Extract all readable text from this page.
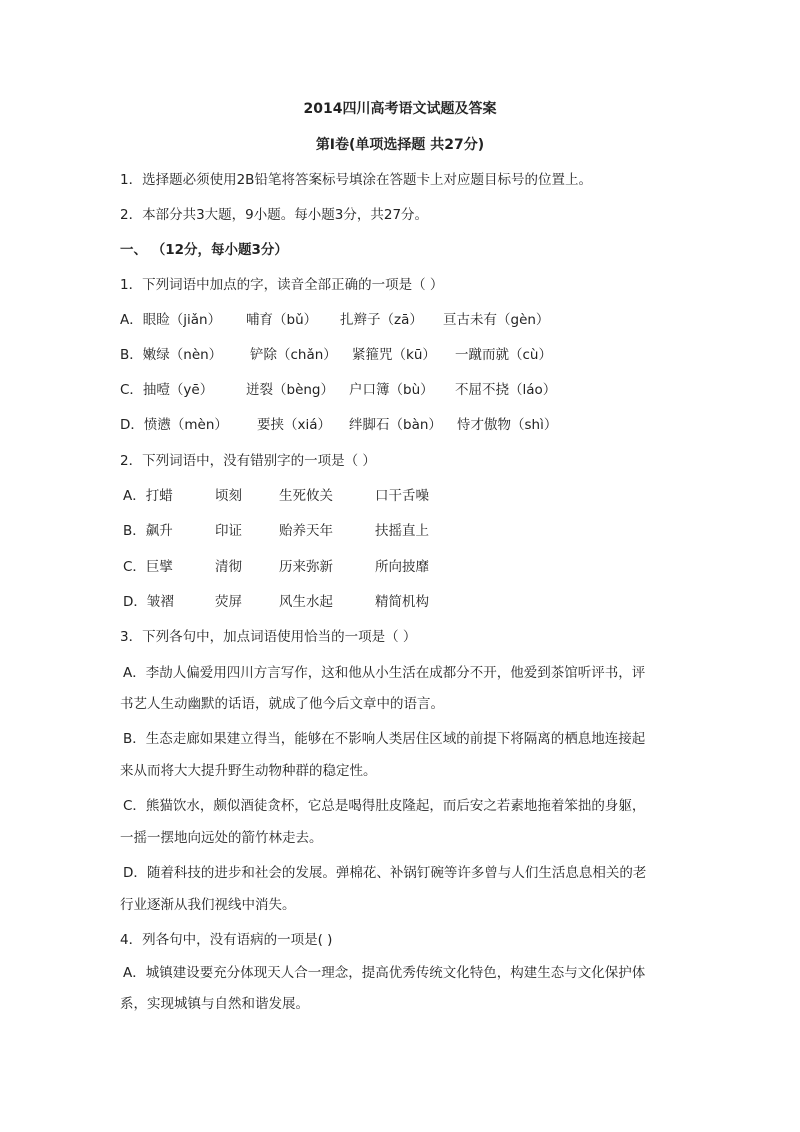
2014四川高考语文试题及答案
第I卷(单项选择题 共27分)
1．选择题必须使用2B铅笔将答案标号填涂在答题卡上对应题目标号的位置上。
2．本部分共3大题，9小题。每小题3分，共27分。
一、 （12分，每小题3分）
1．下列词语中加点的字，读音全部正确的一项是（ ）
A．眼睑（jiǎn） 哺育（bǔ） 扎辫子（zā） 亘古未有（gèn）
B．嫩绿（nèn） 铲除（chǎn） 紧箍咒（kū） 一蹴而就（cù）
C．抽噎（yē） 迸裂（bèng） 户口簿（bù） 不屈不挠（láo）
D．愤懑（mèn） 要挟（xiá） 绊脚石（bàn） 恃才傲物（shì）
2．下列词语中，没有错别字的一项是（ ）
A．打蜡	顷刻	生死攸关	口干舌噪
B．飙升	印证	贻养天年	扶摇直上
C．巨擘	清彻	历来弥新	所向披靡
D．皱褶	荧屏	风生水起	精简机构
3．下列各句中，加点词语使用恰当的一项是（ ）
A．李劼人偏爱用四川方言写作，这和他从小生活在成都分不开，他爱到茶馆听评书，评
书艺人生动幽默的话语，就成了他今后文章中的语言。
B．生态走廊如果建立得当，能够在不影响人类居住区域的前提下将隔离的栖息地连接起
来从而将大大提升野生动物种群的稳定性。
C．熊猫饮水，颇似酒徒贪杯，它总是喝得肚皮隆起，而后安之若素地拖着笨拙的身躯，
一摇一摆地向远处的箭竹林走去。
D．随着科技的进步和社会的发展。弹棉花、补锅钉碗等许多曾与人们生活息息相关的老
行业逐渐从我们视线中消失。
4．列各句中，没有语病的一项是( )
A．城镇建设要充分体现天人合一理念，提高优秀传统文化特色，构建生态与文化保护体
系，实现城镇与自然和谐发展。
